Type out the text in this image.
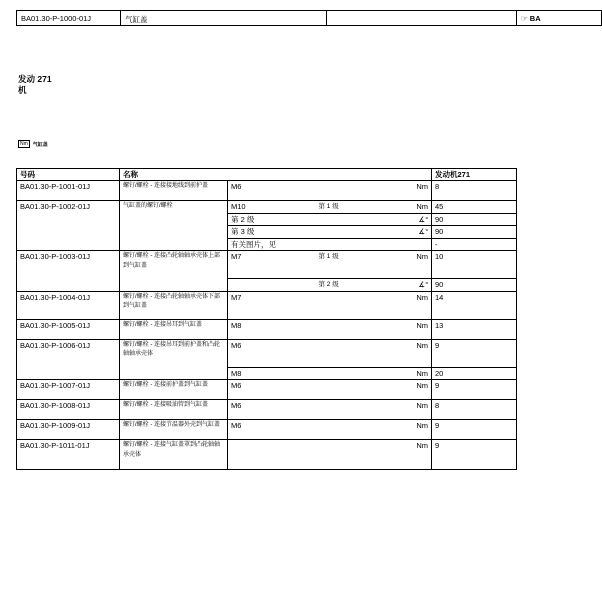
BA01.30-P-1000-01J	气缸盖	☞ BA
发动 271
机
Nm	气缸盖
号码	名称				发动机271
BA01.30-P-1001-01J	螺钉/螺栓 - 连接接地线到前护盖	M6		Nm	8
BA01.30-P-1002-01J	气缸盖的螺钉/螺栓	M10	第 1 级	Nm	45
		第 2 级		∡°	90
		第 3 级		∡°	90
		有关图片，见			-
BA01.30-P-1003-01J	螺钉/螺栓 - 连接凸轮轴轴承壳体上部到气缸盖	M7	第 1 级	Nm	10
			第 2 级	∡°	90
BA01.30-P-1004-01J	螺钉/螺栓 - 连接凸轮轴轴承壳体下部到气缸盖	M7		Nm	14
BA01.30-P-1005-01J	螺钉/螺栓 - 连接吊耳到气缸盖	M8		Nm	13
BA01.30-P-1006-01J	螺钉/螺栓 - 连接吊耳到前护盖和凸轮轴轴承壳体	M6		Nm	9
		M8		Nm	20
BA01.30-P-1007-01J	螺钉/螺栓 - 连接前护盖到气缸盖	M6		Nm	9
BA01.30-P-1008-01J	螺钉/螺栓 - 连接吸油管到气缸盖	M6		Nm	8
BA01.30-P-1009-01J	螺钉/螺栓 - 连接节温器外壳到气缸盖	M6		Nm	9
BA01.30-P-1011-01J	螺钉/螺栓 - 连接气缸盖罩到凸轮轴轴承壳体			Nm	9
